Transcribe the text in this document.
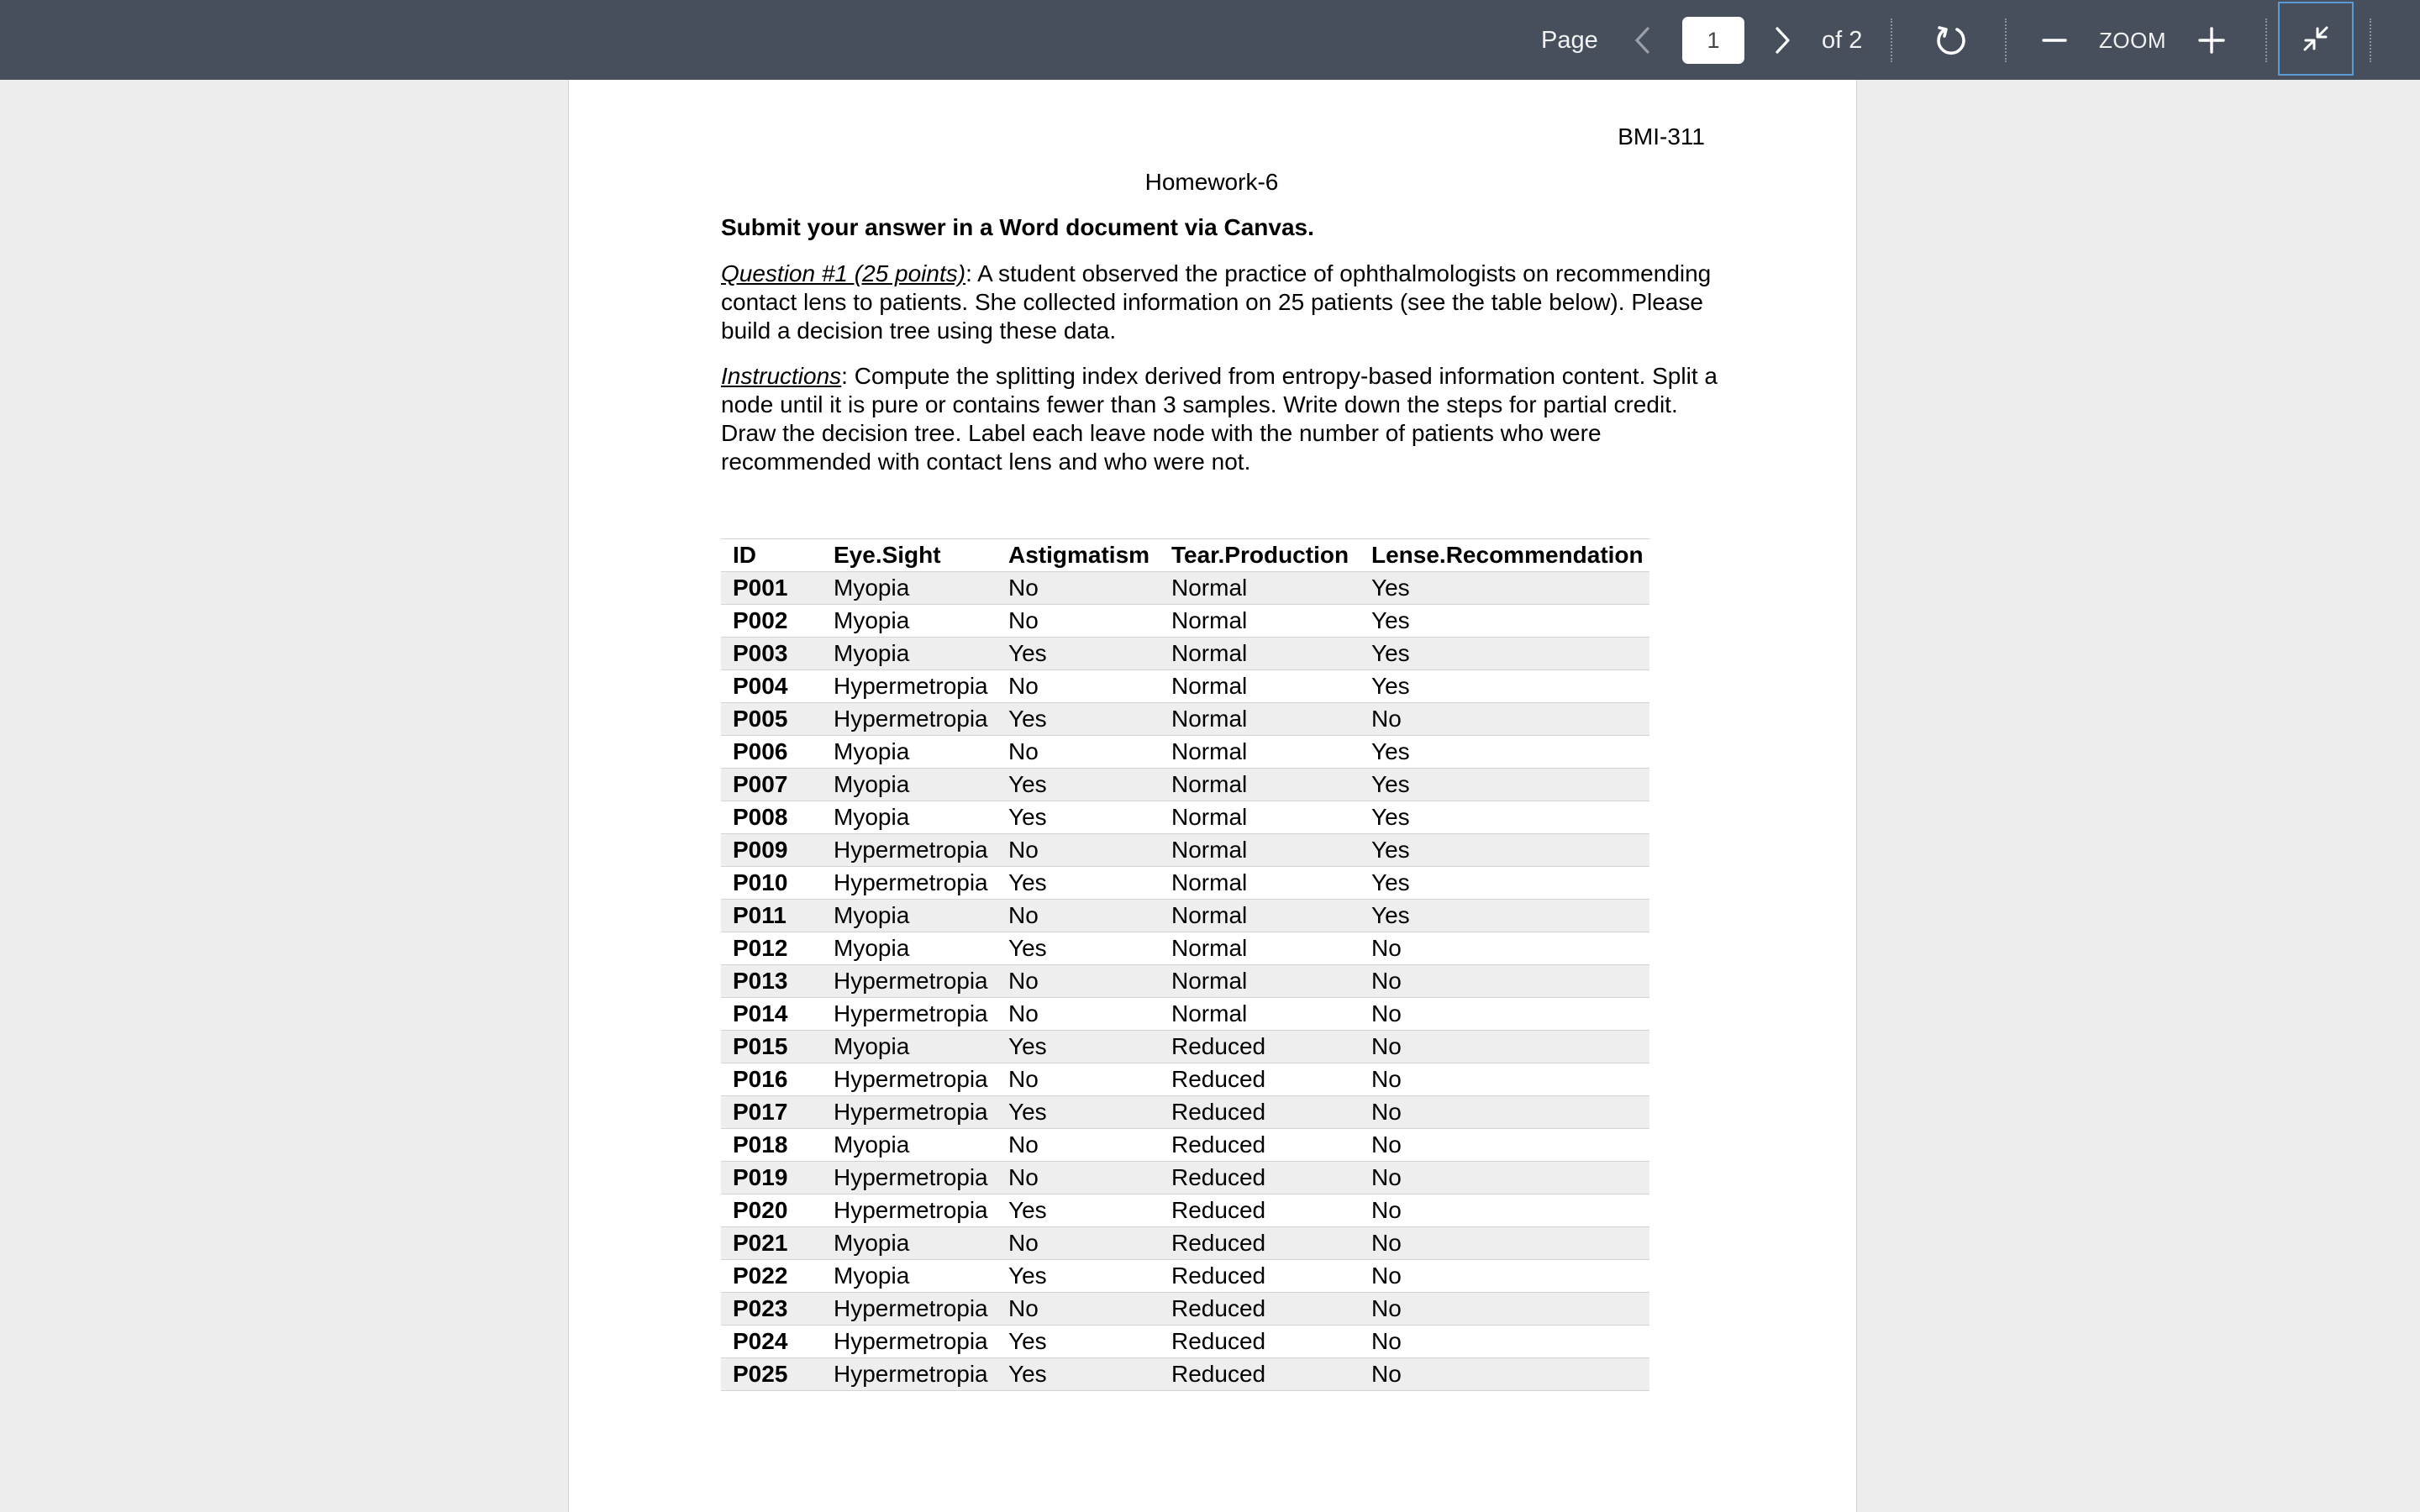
Page
1	of 2	ZOOM
BMI-311
Homework-6
Submit your answer in a Word document via Canvas.
Question #1 (25 points): A student observed the practice of ophthalmologists on recommending contact lens to patients. She collected information on 25 patients (see the table below). Please build a decision tree using these data.
Instructions: Compute the splitting index derived from entropy-based information content. Split a node until it is pure or contains fewer than 3 samples. Write down the steps for partial credit. Draw the decision tree. Label each leave node with the number of patients who were recommended with contact lens and who were not.
ID	Eye.Sight	Astigmatism	Tear.Production	Lense.Recommendation
P001	Myopia	No	Normal	Yes
P002	Myopia	No	Normal	Yes
P003	Myopia	Yes	Normal	Yes
P004	Hypermetropia	No	Normal	Yes
P005	Hypermetropia	Yes	Normal	No
P006	Myopia	No	Normal	Yes
P007	Myopia	Yes	Normal	Yes
P008	Myopia	Yes	Normal	Yes
P009	Hypermetropia	No	Normal	Yes
P010	Hypermetropia	Yes	Normal	Yes
P011	Myopia	No	Normal	Yes
P012	Myopia	Yes	Normal	No
P013	Hypermetropia	No	Normal	No
P014	Hypermetropia	No	Normal	No
P015	Myopia	Yes	Reduced	No
P016	Hypermetropia	No	Reduced	No
P017	Hypermetropia	Yes	Reduced	No
P018	Myopia	No	Reduced	No
P019	Hypermetropia	No	Reduced	No
P020	Hypermetropia	Yes	Reduced	No
P021	Myopia	No	Reduced	No
P022	Myopia	Yes	Reduced	No
P023	Hypermetropia	No	Reduced	No
P024	Hypermetropia	Yes	Reduced	No
P025	Hypermetropia	Yes	Reduced	No
